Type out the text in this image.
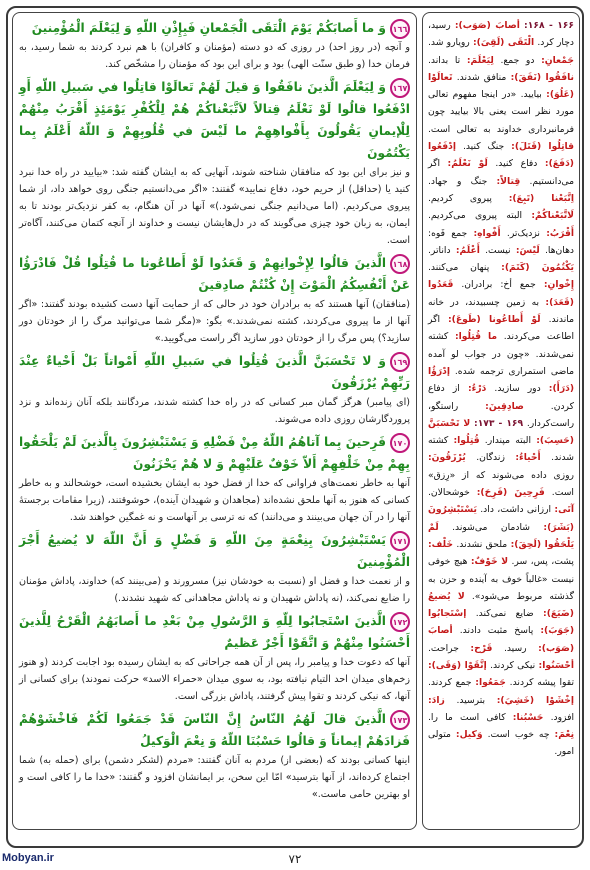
١٦٦وَ ما أَصابَكُمْ يَوْمَ الْتَقَى الْجَمْعانِ فَبِإِذْنِ اللّهِ وَ لِيَعْلَمَ الْمُؤْمِنينَ
و آنچه (در روز احد) در روزی که دو دسته (مؤمنان و کافران) با هم نبرد کردند به شما رسید، به فرمان خدا (و طبق سنّت الهی) بود و برای این بود که مؤمنان را مشخّص کند.
١٦٧وَ لِيَعْلَمَ الَّذينَ نافَقُوا وَ قيلَ لَهُمْ تَعالَوْا قاتِلُوا في سَبيلِ اللّهِ أَوِ ادْفَعُوا قالُوا لَوْ نَعْلَمُ قِتالاً لاَتَّبَعْناكُمْ هُمْ لِلْكُفْرِ يَوْمَئِذٍ أَقْرَبُ مِنْهُمْ لِلْإيمانِ يَقُولُونَ بِأَفْواهِهِمْ ما لَيْسَ في قُلُوبِهِمْ وَ اللّهُ أَعْلَمُ بِما يَكْتُمُونَ
و نیز برای این بود که منافقان شناخته شوند، آنهایی که به ایشان گفته شد: «بیایید در راه خدا نبرد کنید یا (حداقل) از حریم خود، دفاع نمایید» گفتند: «اگر می‌دانستیم جنگی روی خواهد داد، از شما پیروی می‌کردیم. (اما می‌دانیم جنگی نمی‌شود.)» آنها در آن هنگام، به کفر نزدیک‌تر بودند تا به ایمان، به زبان خود چیزی می‌گویند که در دل‌هایشان نیست و خداوند از آنچه کتمان می‌کنند، آگاه‌تر است.
١٦٨الَّذينَ قالُوا لِإِخْوانِهِمْ وَ قَعَدُوا لَوْ أَطاعُونا ما قُتِلُوا قُلْ فَادْرَؤُا عَنْ أَنْفُسِكُمُ الْمَوْتَ إِنْ كُنْتُمْ صادِقينَ
(منافقان) آنها هستند که به برادران خود در حالی که از حمایت آنها دست کشیده بودند گفتند: «اگر آنها از ما پیروی می‌کردند، کشته نمی‌شدند.» بگو: «(مگر شما می‌توانید مرگ را از خودتان دور سازید؟) پس مرگ را از خودتان دور سازید اگر راست می‌گویید.»
١٦٩وَ لا تَحْسَبَنَّ الَّذينَ قُتِلُوا في سَبيلِ اللّهِ أَمْواتاً بَلْ أَحْياءٌ عِنْدَ رَبِّهِمْ يُرْزَقُونَ
(ای پیامبر) هرگز گمان مبر کسانی که در راه خدا کشته شدند، مردگانند بلکه آنان زنده‌اند و نزد پروردگارشان روزی داده می‌شوند.
١٧٠فَرِحينَ بِما آتاهُمُ اللّهُ مِنْ فَضْلِهِ وَ يَسْتَبْشِرُونَ بِالَّذينَ لَمْ يَلْحَقُوا بِهِمْ مِنْ خَلْفِهِمْ أَلاّ خَوْفٌ عَلَيْهِمْ وَ لا هُمْ يَحْزَنُونَ
آنها به خاطر نعمت‌های فراوانی که خدا از فضل خود به ایشان بخشیده است، خوشحالند و به خاطر کسانی که هنوز به آنها ملحق نشده‌اند (مجاهدان و شهیدان آینده)، خوشوقتند، (زیرا مقامات برجستهٔ آنها را در آن جهان می‌بینند و می‌دانند) که نه ترسی بر آنهاست و نه غمگین خواهند شد.
١٧١يَسْتَبْشِرُونَ بِنِعْمَةٍ مِنَ اللّهِ وَ فَضْلٍ وَ أَنَّ اللّهَ لا يُضيعُ أَجْرَ الْمُؤْمِنينَ
و از نعمت خدا و فضل او (نسبت به خودشان نیز) مسرورند و (می‌بینند که) خداوند، پاداش مؤمنان را ضایع نمی‌کند، (نه پاداش شهیدان و نه پاداش مجاهدانی که شهید نشدند.)
١٧٢الَّذينَ اسْتَجابُوا لِلّهِ وَ الرَّسُولِ مِنْ بَعْدِ ما أَصابَهُمُ الْقَرْحُ لِلَّذينَ أَحْسَنُوا مِنْهُمْ وَ اتَّقَوْا أَجْرٌ عَظيمٌ
آنها که دعوت خدا و پیامبر را، پس از آن همه جراحاتی که به ایشان رسیده بود اجابت کردند (و هنوز زخم‌های میدان احد التیام نیافته بود، به سوی میدان «حمراء الاسد» حرکت نمودند) برای کسانی از آنها، که نیکی کردند و تقوا پیش گرفتند، پاداش بزرگی است.
١٧٣الَّذينَ قالَ لَهُمُ النّاسُ إِنَّ النّاسَ قَدْ جَمَعُوا لَكُمْ فَاخْشَوْهُمْ فَزادَهُمْ إيماناً وَ قالُوا حَسْبُنَا اللّهُ وَ نِعْمَ الْوَكيلُ
اینها کسانی بودند که (بعضی از) مردم به آنان گفتند: «مردم (لشکر دشمن) برای (حمله به) شما اجتماع کرده‌اند، از آنها بترسید» امّا این سخن، بر ایمانشان افزود و گفتند: «خدا ما را کافی است و او بهترین حامی ماست.»
١۶۶ - ١۶٨: أصابَ (صَوَب): رسید، دچار کرد. الْتَقَی (لَقِیَ): رویارو شد. جَمْعانِ: دو جمع. لِيَعْلَمَ: تا بداند. نافَقُوا (نَفَقَ): منافق شدند. تَعالَوْا (عَلُوَ): بیایید. «در اینجا مفهوم تعالی مورد نظر است یعنی بالا بیایید چون فرمانبرداری خداوند به تعالی است. قاتِلُوا (قَتَلَ): جنگ کنید. إدْفَعُوا (دَفَعَ): دفاع کنید. لَوْ نَعْلَمُ: اگر می‌دانستیم. قِتالاً: جنگ و جهاد. اِتَّبَعْنا (تَبِعَ): پیروی کردیم. لَاتَّبَعْناكُمْ: البته پیروی می‌کردیم. أَقْرَبُ: نزدیک‌تر. أَفْواهِ: جمع فَوه: دهان‌ها. لَيْسَ: نیست. أَعْلَمُ: داناتر. يَكْتُمُونَ (كَتَمَ): پنهان می‌کنند. إِخْوانِ: جمع أخ: برادران. قَعَدُوا (قَعَدَ): به زمین چسبیدند، در خانه ماندند. لَوْ أَطاعُونا (طَوعَ): اگر اطاعت می‌کردند. ما قُتِلُوا: کشته نمی‌شدند. «چون در جواب لو آمده ماضی استمراری ترجمه شده. إدْرَؤُا (دَرَأَ): دور سازید. دَرْءُ: از دفاع کردن. صادِقِينَ: راستگو، راست‌کردار. ١۶٩ - ١٧٣: لا تَحْسَبَنَّ (حَسِبَ): البته مپندار. قُتِلُوا: کشته شدند. أَحْياءُ: زندگان. يُرْزَقُونَ: روزی داده می‌شوند که از «رِزق» است. فَرِحِينَ (فَرِحَ): خوشحالان. آتَی: ارزانی داشت، داد. يَسْتَبْشِرُونَ (بَشَرَ): شادمان می‌شوند. لَمْ يَلْحَقُوا (لَحِقَ): ملحق نشدند. خَلْف: پشت، پس، سر. لا خَوْفٌ: هیچ خوفی نیست «غالباً خوف به آینده و حزن به گذشته مربوط می‌شود». لا يُضيعُ (ضَيَعَ): ضایع نمی‌کند. إسْتَجابُوا (جَوَبَ): پاسخ مثبت دادند. أصابَ (صَوَب): رسید. قَرْح: جراحت. أحْسَنُوا: نیکی کردند. إتَّقَوْا (وَقَی): تقوا پیشه کردند. جَمَعُوا: جمع کردند. إخْشَوْا (خَشِيَ): بترسید. زادَ: افزود. حَسْبُنا: کافی است ما را. نِعْمَ: چه خوب است. وَكيل: متولی امور.
٧٢
Mobyan.ir
